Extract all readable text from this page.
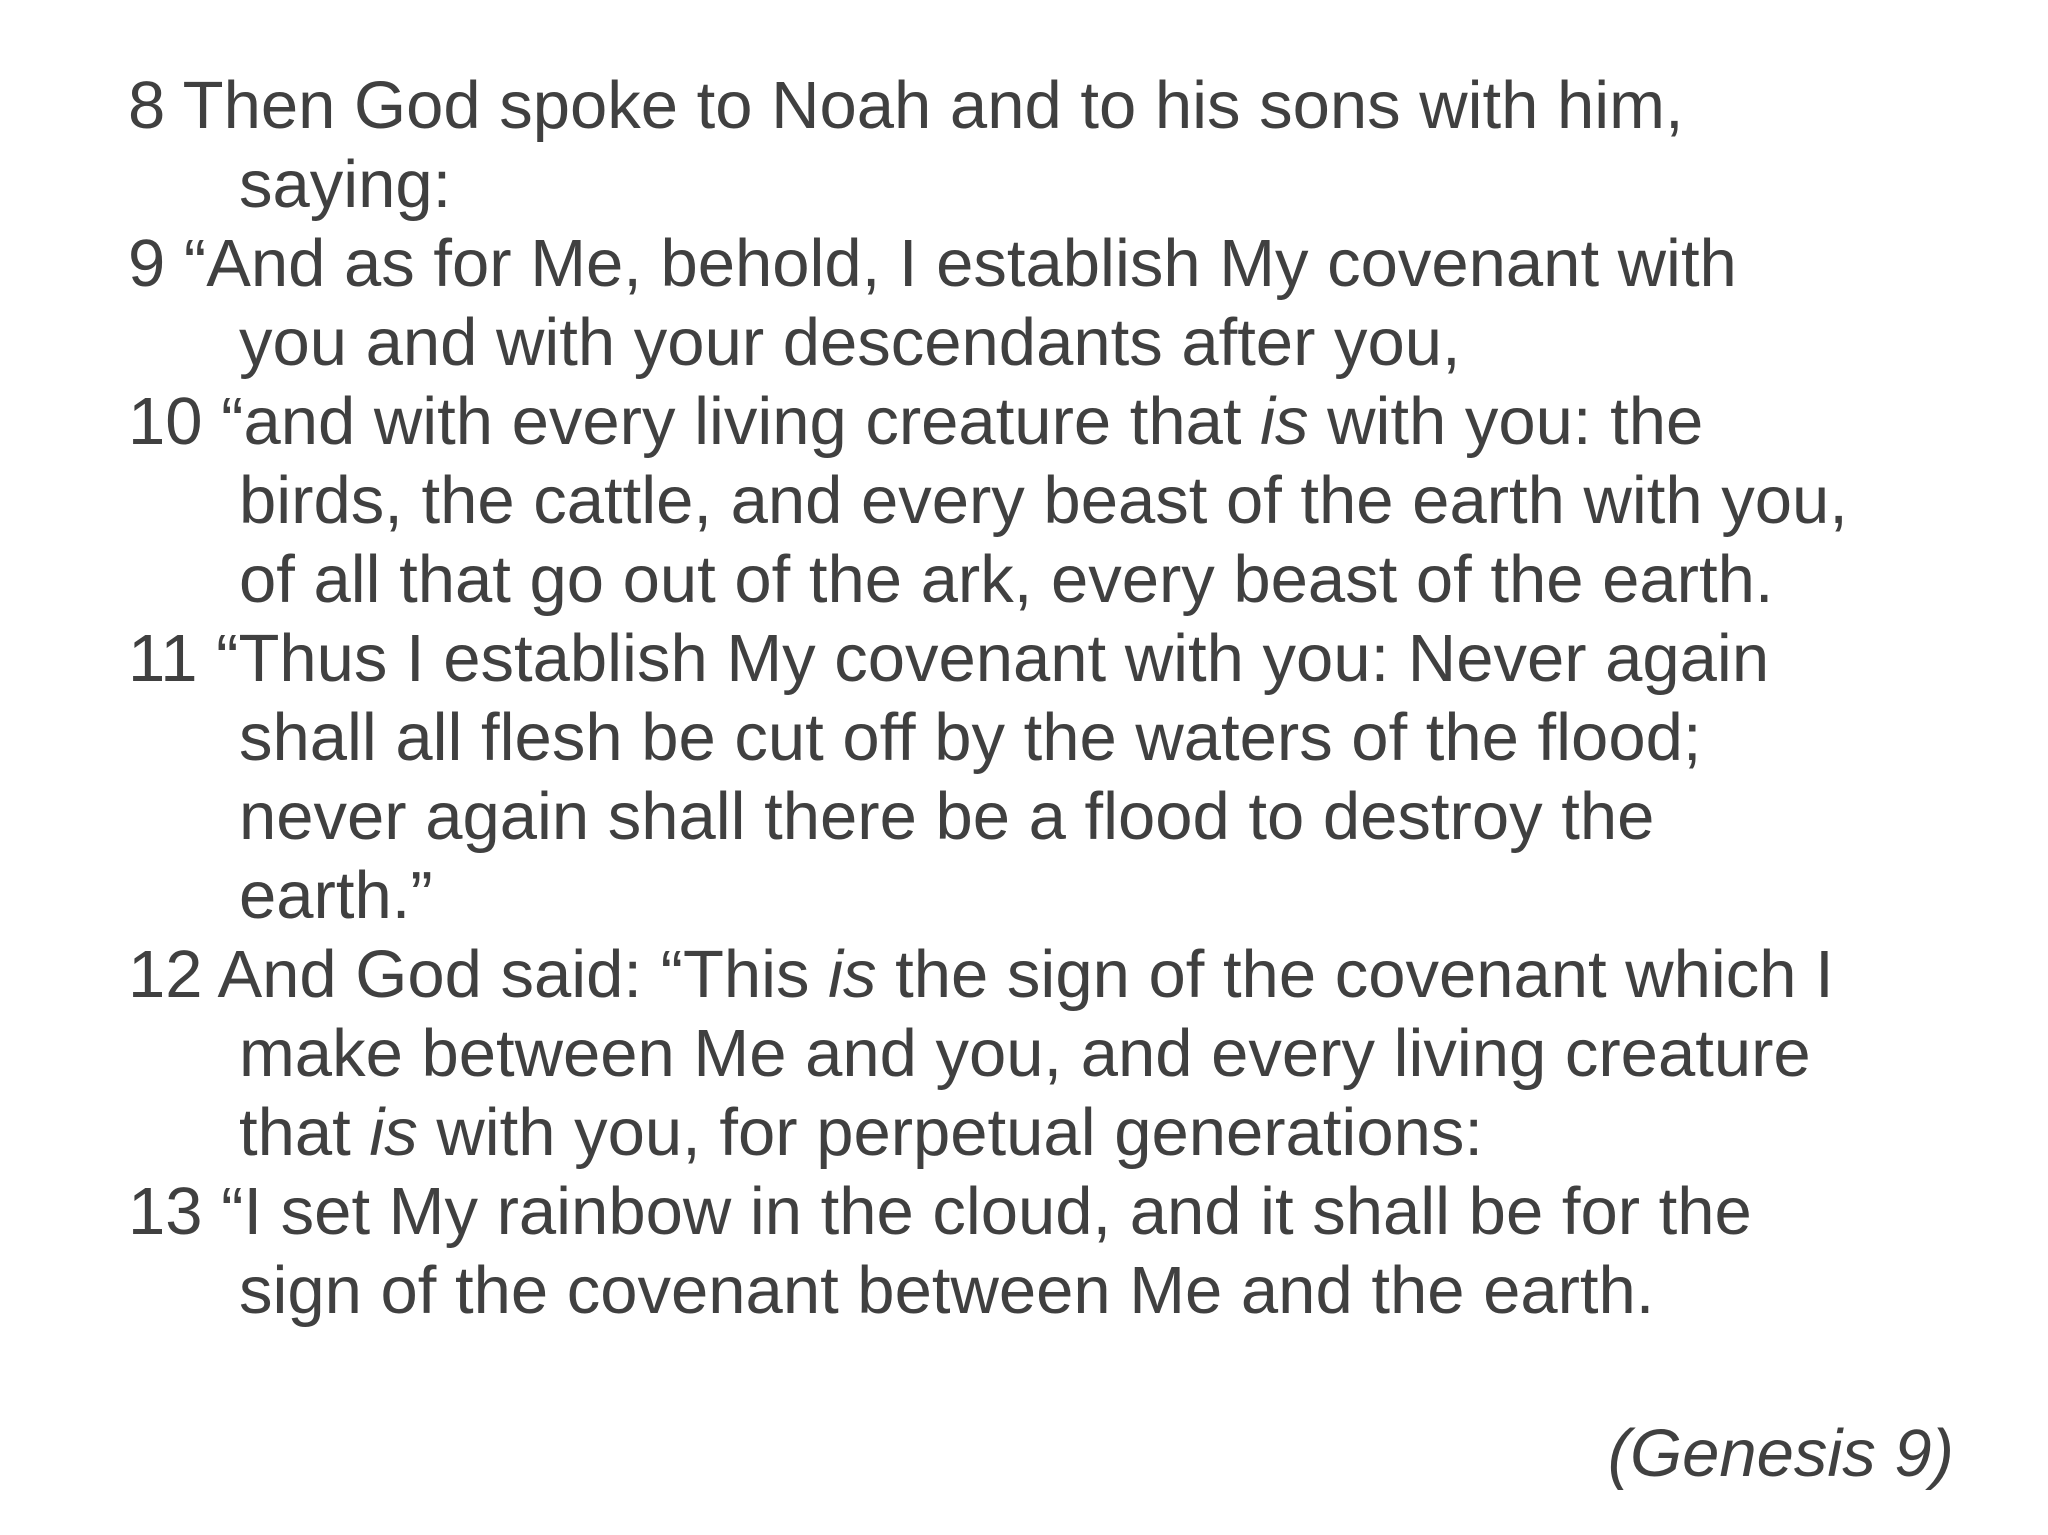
8 Then God spoke to Noah and to his sons with him,
saying:
9 “And as for Me, behold, I establish My covenant with
you and with your descendants after you,
10 “and with every living creature that is with you: the
birds, the cattle, and every beast of the earth with you,
of all that go out of the ark, every beast of the earth.
11 “Thus I establish My covenant with you: Never again
shall all flesh be cut off by the waters of the flood;
never again shall there be a flood to destroy the
earth.”
12 And God said: “This is the sign of the covenant which I
make between Me and you, and every living creature
that is with you, for perpetual generations:
13 “I set My rainbow in the cloud, and it shall be for the
sign of the covenant between Me and the earth.
(Genesis 9)
